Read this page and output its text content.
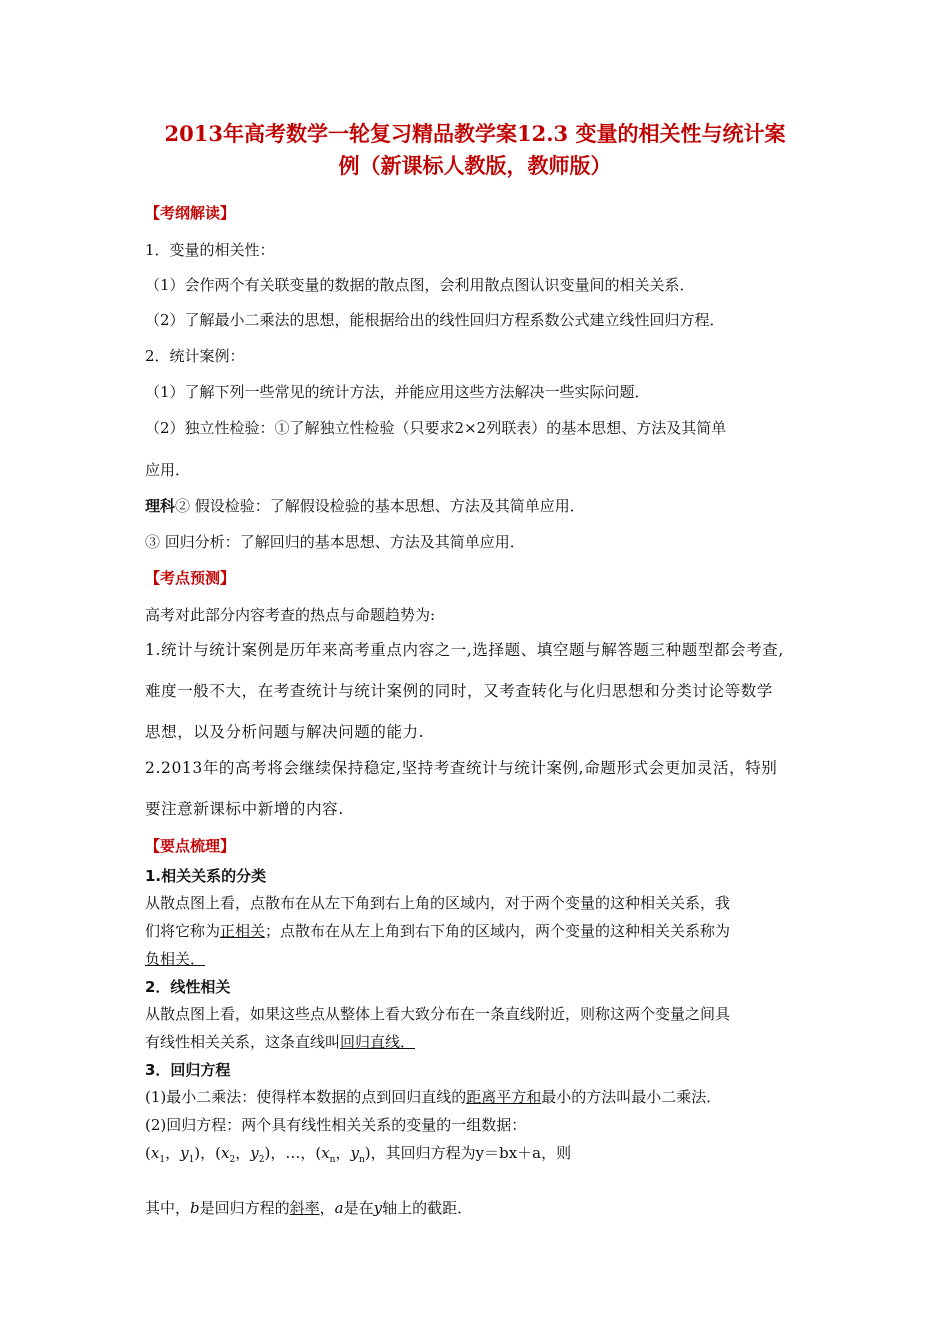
2013年高考数学一轮复习精品教学案12.3 变量的相关性与统计案
例（新课标人教版，教师版）
【考纲解读】
1．变量的相关性：
（1）会作两个有关联变量的数据的散点图，会利用散点图认识变量间的相关关系．
（2）了解最小二乘法的思想，能根据给出的线性回归方程系数公式建立线性回归方程．
2．统计案例：
（1）了解下列一些常见的统计方法，并能应用这些方法解决一些实际问题．
（2）独立性检验：①了解独立性检验（只要求2×2列联表）的基本思想、方法及其简单
应用．
理科② 假设检验：了解假设检验的基本思想、方法及其简单应用．
③ 回归分析：了解回归的基本思想、方法及其简单应用．
【考点预测】
高考对此部分内容考查的热点与命题趋势为:
1.统计与统计案例是历年来高考重点内容之一,选择题、填空题与解答题三种题型都会考查,
难度一般不大，在考查统计与统计案例的同时，又考查转化与化归思想和分类讨论等数学
思想，以及分析问题与解决问题的能力.
2.2013年的高考将会继续保持稳定,坚持考查统计与统计案例,命题形式会更加灵活，特别
要注意新课标中新增的内容.
【要点梳理】
1.相关关系的分类
从散点图上看，点散布在从左下角到右上角的区域内，对于两个变量的这种相关关系，我
们将它称为正相关；点散布在从左上角到右下角的区域内，两个变量的这种相关关系称为
负相关．
2．线性相关
从散点图上看，如果这些点从整体上看大致分布在一条直线附近，则称这两个变量之间具
有线性相关关系，这条直线叫回归直线．
3．回归方程
(1)最小二乘法：使得样本数据的点到回归直线的距离平方和最小的方法叫最小二乘法．
(2)回归方程：两个具有线性相关关系的变量的一组数据：
($x_1$，$y_1$)，($x_2$，$y_2$)，…，($x_n$，$y_n$)，其回归方程为y＝bx＋a，则
其中，b是回归方程的斜率，a是在y轴上的截距．
